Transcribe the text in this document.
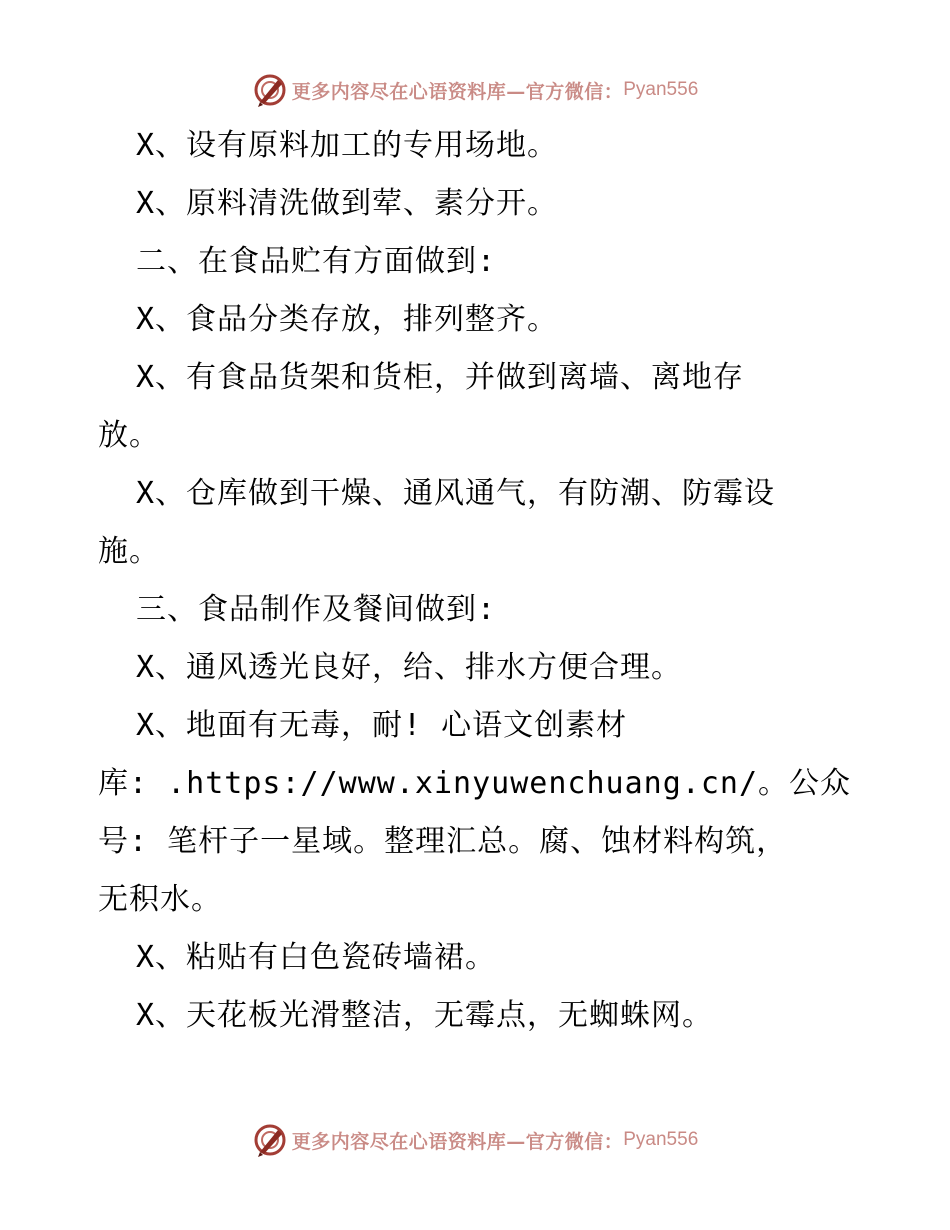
更多内容尽在心语资料库—官方微信： Pyan556
X、设有原料加工的专用场地。
X、原料清洗做到荤、素分开。
二、在食品贮有方面做到:
X、食品分类存放，排列整齐。
X、有食品货架和货柜，并做到离墙、离地存
放。
X、仓库做到干燥、通风通气，有防潮、防霉设
施。
三、食品制作及餐间做到:
X、通风透光良好，给、排水方便合理。
X、地面有无毒，耐! 心语文创素材
库: .https://www.xinyuwenchuang.cn/。公众
号: 笔杆子一星域。整理汇总。腐、蚀材料构筑，
无积水。
X、粘贴有白色瓷砖墙裙。
X、天花板光滑整洁，无霉点，无蜘蛛网。
更多内容尽在心语资料库—官方微信： Pyan556
